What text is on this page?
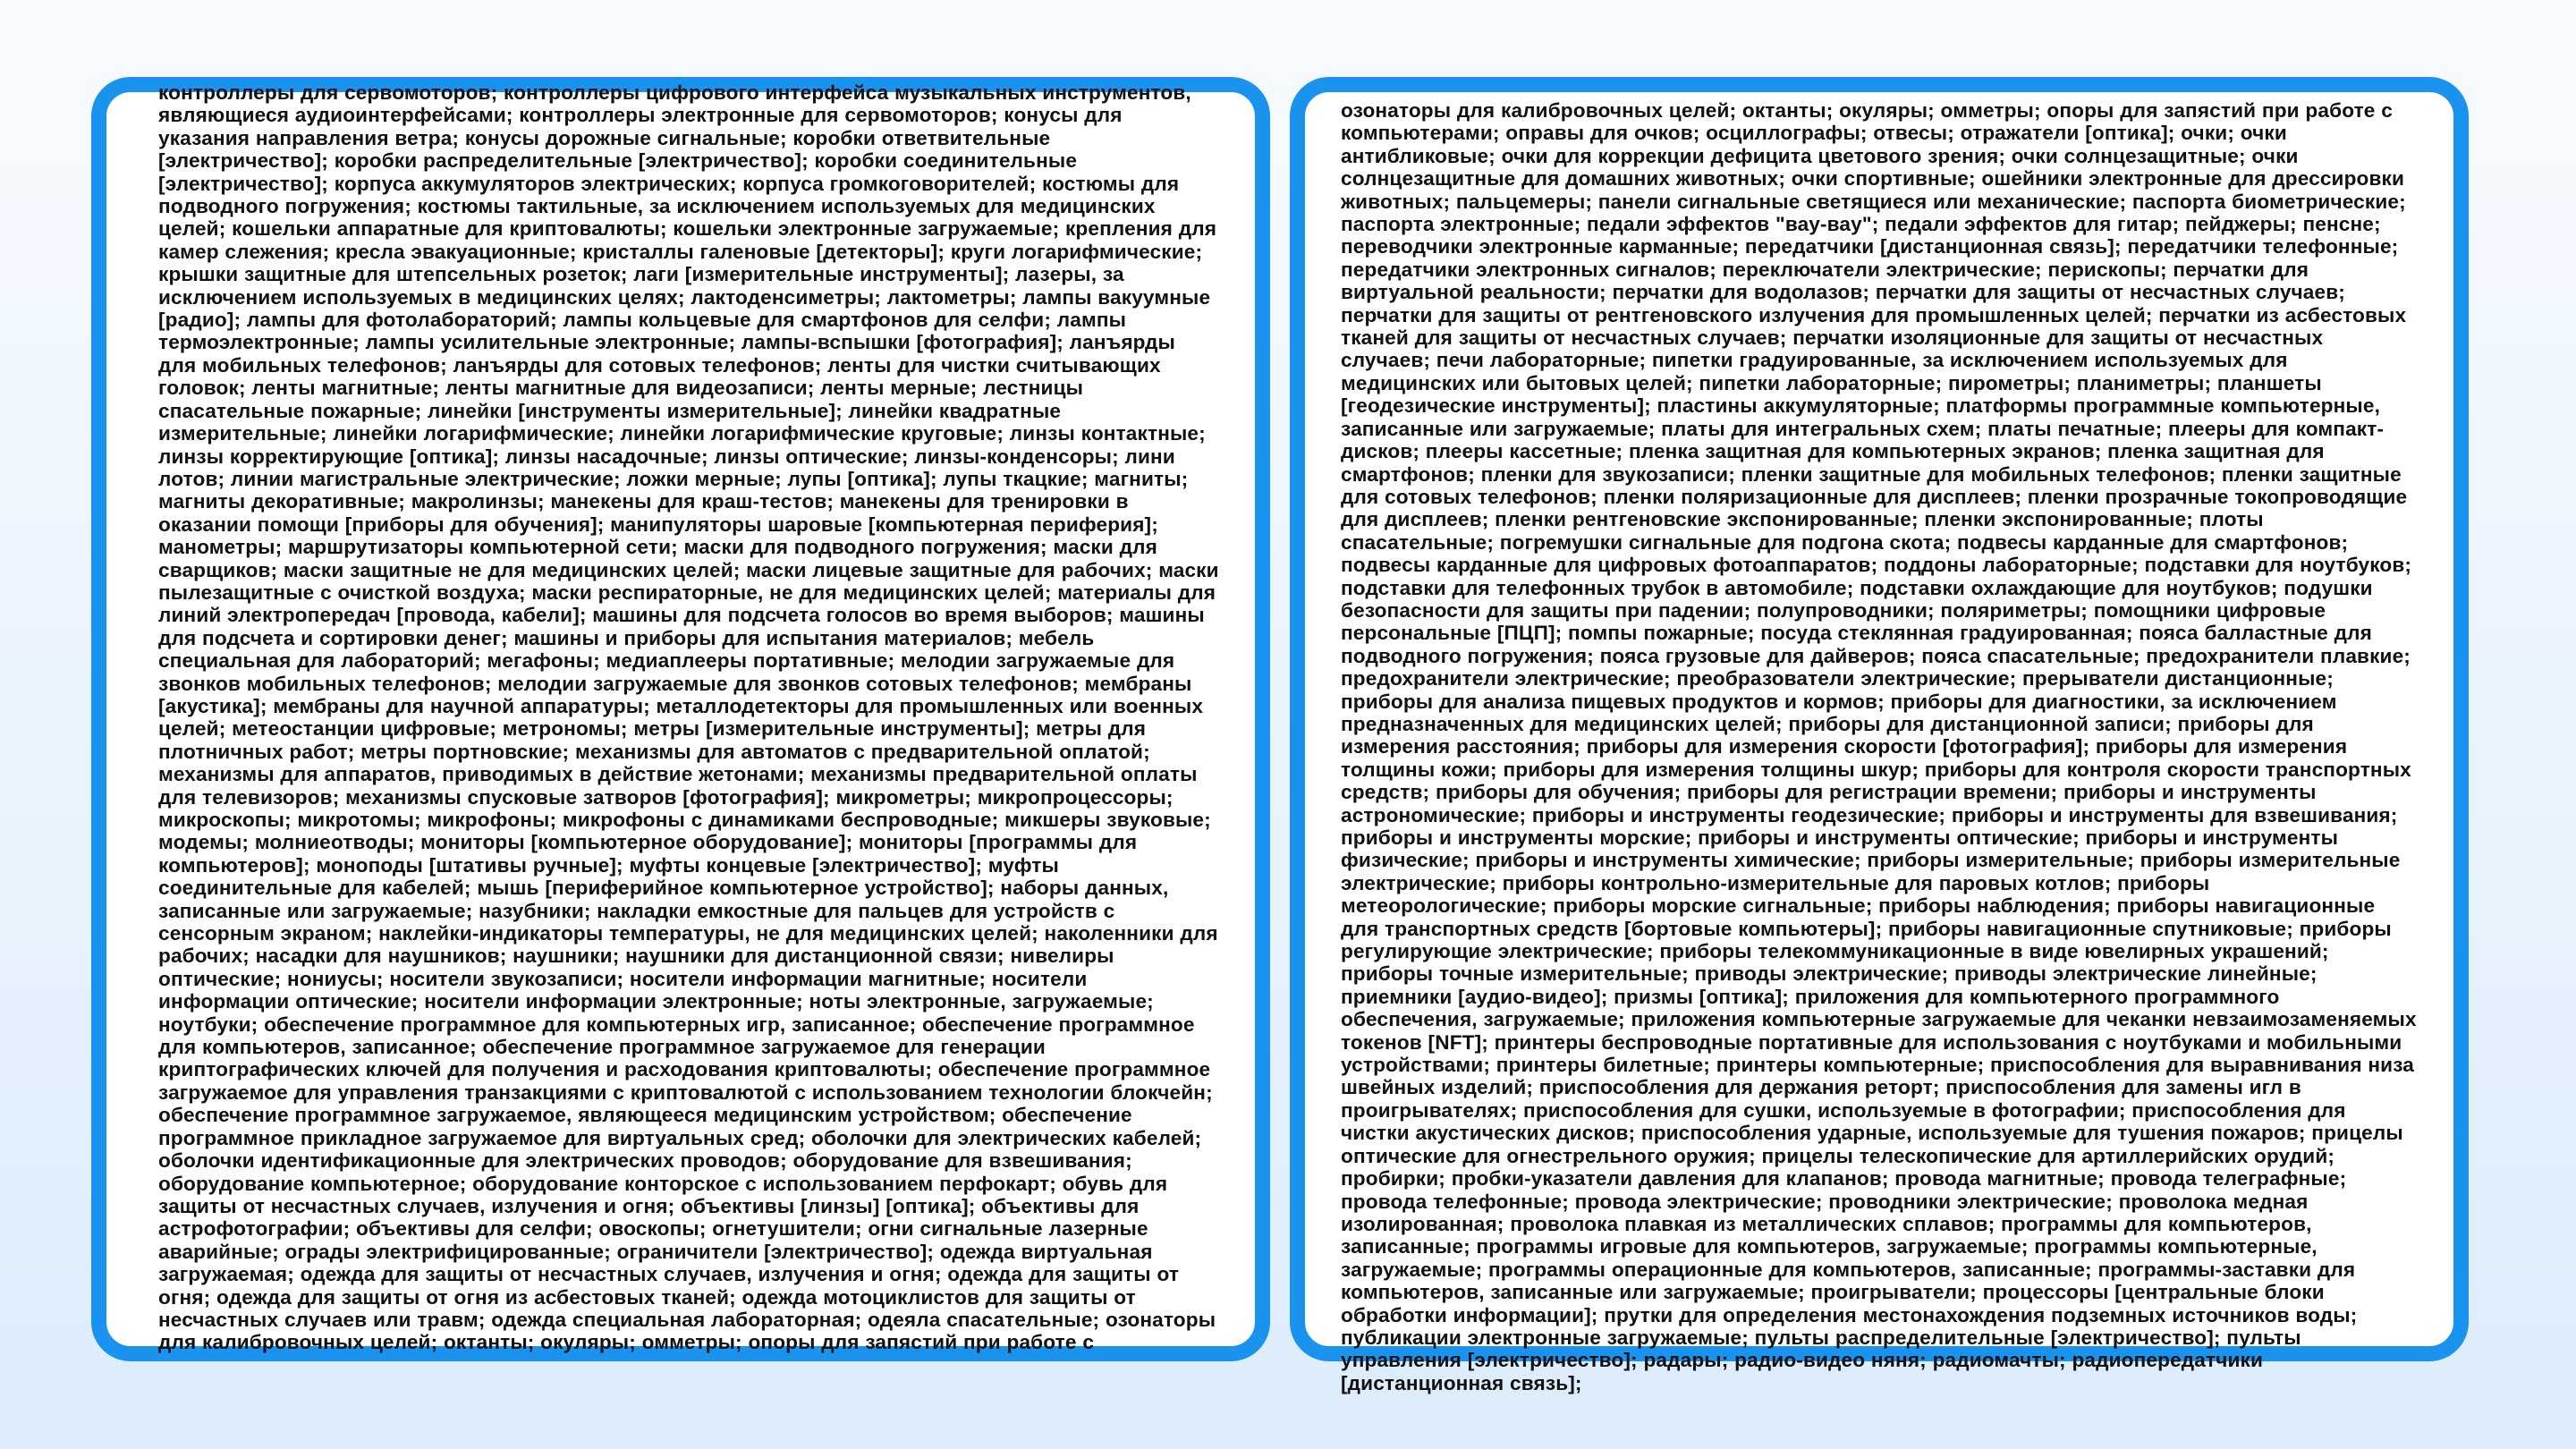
контроллеры для сервомоторов; контроллеры цифрового интерфейса музыкальных инструментов, являющиеся аудиоинтерфейсами; контроллеры электронные для сервомоторов; конусы для указания направления ветра; конусы дорожные сигнальные; коробки ответвительные [электричество]; коробки распределительные [электричество]; коробки соединительные [электричество]; корпуса аккумуляторов электрических; корпуса громкоговорителей; костюмы для подводного погружения; костюмы тактильные, за исключением используемых для медицинских целей; кошельки аппаратные для криптовалюты; кошельки электронные загружаемые; крепления для камер слежения; кресла эвакуационные; кристаллы галеновые [детекторы]; круги логарифмические; крышки защитные для штепсельных розеток; лаги [измерительные инструменты]; лазеры, за исключением используемых в медицинских целях; лактоденсиметры; лактометры; лампы вакуумные [радио]; лампы для фотолабораторий; лампы кольцевые для смартфонов для селфи; лампы термоэлектронные; лампы усилительные электронные; лампы-вспышки [фотография]; ланъярды для мобильных телефонов; ланъярды для сотовых телефонов; ленты для чистки считывающих головок; ленты магнитные; ленты магнитные для видеозаписи; ленты мерные; лестницы спасательные пожарные; линейки [инструменты измерительные]; линейки квадратные измерительные; линейки логарифмические; линейки логарифмические круговые; линзы контактные; линзы корректирующие [оптика]; линзы насадочные; линзы оптические; линзы-конденсоры; лини лотов; линии магистральные электрические; ложки мерные; лупы [оптика]; лупы ткацкие; магниты; магниты декоративные; макролинзы; манекены для краш-тестов; манекены для тренировки в оказании помощи [приборы для обучения]; манипуляторы шаровые [компьютерная периферия]; манометры; маршрутизаторы компьютерной сети; маски для подводного погружения; маски для сварщиков; маски защитные не для медицинских целей; маски лицевые защитные для рабочих; маски пылезащитные с очисткой воздуха; маски респираторные, не для медицинских целей; материалы для линий электропередач [провода, кабели]; машины для подсчета голосов во время выборов; машины для подсчета и сортировки денег; машины и приборы для испытания материалов; мебель специальная для лабораторий; мегафоны; медиаплееры портативные; мелодии загружаемые для звонков мобильных телефонов; мелодии загружаемые для звонков сотовых телефонов; мембраны [акустика]; мембраны для научной аппаратуры; металлодетекторы для промышленных или военных целей; метеостанции цифровые; метрономы; метры [измерительные инструменты]; метры для плотничных работ; метры портновские; механизмы для автоматов с предварительной оплатой; механизмы для аппаратов, приводимых в действие жетонами; механизмы предварительной оплаты для телевизоров; механизмы спусковые затворов [фотография]; микрометры; микропроцессоры; микроскопы; микротомы; микрофоны; микрофоны с динамиками беспроводные; микшеры звуковые; модемы; молниеотводы; мониторы [компьютерное оборудование]; мониторы [программы для компьютеров]; моноподы [штативы ручные]; муфты концевые [электричество]; муфты соединительные для кабелей; мышь [периферийное компьютерное устройство]; наборы данных, записанные или загружаемые; назубники; накладки емкостные для пальцев для устройств с сенсорным экраном; наклейки-индикаторы температуры, не для медицинских целей; наколенники для рабочих; насадки для наушников; наушники; наушники для дистанционной связи; нивелиры оптические; нониусы; носители звукозаписи; носители информации магнитные; носители информации оптические; носители информации электронные; ноты электронные, загружаемые; ноутбуки; обеспечение программное для компьютерных игр, записанное; обеспечение программное для компьютеров, записанное; обеспечение программное загружаемое для генерации криптографических ключей для получения и расходования криптовалюты; обеспечение программное загружаемое для управления транзакциями с криптовалютой с использованием технологии блокчейн; обеспечение программное загружаемое, являющееся медицинским устройством; обеспечение программное прикладное загружаемое для виртуальных сред; оболочки для электрических кабелей; оболочки идентификационные для электрических проводов; оборудование для взвешивания; оборудование компьютерное; оборудование конторское с использованием перфокарт; обувь для защиты от несчастных случаев, излучения и огня; объективы [линзы] [оптика]; объективы для астрофотографии; объективы для селфи; овоскопы; огнетушители; огни сигнальные лазерные аварийные; ограды электрифицированные; ограничители [электричество]; одежда виртуальная загружаемая; одежда для защиты от несчастных случаев, излучения и огня; одежда для защиты от огня; одежда для защиты от огня из асбестовых тканей; одежда мотоциклистов для защиты от несчастных случаев или травм; одежда специальная лабораторная; одеяла спасательные; озонаторы для калибровочных целей; октанты; окуляры; омметры; опоры для запястий при работе с

озонаторы для калибровочных целей; октанты; окуляры; омметры; опоры для запястий при работе с компьютерами; оправы для очков; осциллографы; отвесы; отражатели [оптика]; очки; очки антибликовые; очки для коррекции дефицита цветового зрения; очки солнцезащитные; очки солнцезащитные для домашних животных; очки спортивные; ошейники электронные для дрессировки животных; пальцемеры; панели сигнальные светящиеся или механические; паспорта биометрические; паспорта электронные; педали эффектов "вау-вау"; педали эффектов для гитар; пейджеры; пенсне; переводчики электронные карманные; передатчики [дистанционная связь]; передатчики телефонные; передатчики электронных сигналов; переключатели электрические; перископы; перчатки для виртуальной реальности; перчатки для водолазов; перчатки для защиты от несчастных случаев; перчатки для защиты от рентгеновского излучения для промышленных целей; перчатки из асбестовых тканей для защиты от несчастных случаев; перчатки изоляционные для защиты от несчастных случаев; печи лабораторные; пипетки градуированные, за исключением используемых для медицинских или бытовых целей; пипетки лабораторные; пирометры; планиметры; планшеты [геодезические инструменты]; пластины аккумуляторные; платформы программные компьютерные, записанные или загружаемые; платы для интегральных схем; платы печатные; плееры для компакт-дисков; плееры кассетные; пленка защитная для компьютерных экранов; пленка защитная для смартфонов; пленки для звукозаписи; пленки защитные для мобильных телефонов; пленки защитные для сотовых телефонов; пленки поляризационные для дисплеев; пленки прозрачные токопроводящие для дисплеев; пленки рентгеновские экспонированные; пленки экспонированные; плоты спасательные; погремушки сигнальные для подгона скота; подвесы карданные для смартфонов; подвесы карданные для цифровых фотоаппаратов; поддоны лабораторные; подставки для ноутбуков; подставки для телефонных трубок в автомобиле; подставки охлаждающие для ноутбуков; подушки безопасности для защиты при падении; полупроводники; поляриметры; помощники цифровые персональные [ПЦП]; помпы пожарные; посуда стеклянная градуированная; пояса балластные для подводного погружения; пояса грузовые для дайверов; пояса спасательные; предохранители плавкие; предохранители электрические; преобразователи электрические; прерыватели дистанционные; приборы для анализа пищевых продуктов и кормов; приборы для диагностики, за исключением предназначенных для медицинских целей; приборы для дистанционной записи; приборы для измерения расстояния; приборы для измерения скорости [фотография]; приборы для измерения толщины кожи; приборы для измерения толщины шкур; приборы для контроля скорости транспортных средств; приборы для обучения; приборы для регистрации времени; приборы и инструменты астрономические; приборы и инструменты геодезические; приборы и инструменты для взвешивания; приборы и инструменты морские; приборы и инструменты оптические; приборы и инструменты физические; приборы и инструменты химические; приборы измерительные; приборы измерительные электрические; приборы контрольно-измерительные для паровых котлов; приборы метеорологические; приборы морские сигнальные; приборы наблюдения; приборы навигационные для транспортных средств [бортовые компьютеры]; приборы навигационные спутниковые; приборы регулирующие электрические; приборы телекоммуникационные в виде ювелирных украшений; приборы точные измерительные; приводы электрические; приводы электрические линейные; приемники [аудио-видео]; призмы [оптика]; приложения для компьютерного программного обеспечения, загружаемые; приложения компьютерные загружаемые для чеканки невзаимозаменяемых токенов [NFT]; принтеры беспроводные портативные для использования с ноутбуками и мобильными устройствами; принтеры билетные; принтеры компьютерные; приспособления для выравнивания низа швейных изделий; приспособления для держания реторт; приспособления для замены игл в проигрывателях; приспособления для сушки, используемые в фотографии; приспособления для чистки акустических дисков; приспособления ударные, используемые для тушения пожаров; прицелы оптические для огнестрельного оружия; прицелы телескопические для артиллерийских орудий; пробирки; пробки-указатели давления для клапанов; провода магнитные; провода телеграфные; провода телефонные; провода электрические; проводники электрические; проволока медная изолированная; проволока плавкая из металлических сплавов; программы для компьютеров, записанные; программы игровые для компьютеров, загружаемые; программы компьютерные, загружаемые; программы операционные для компьютеров, записанные; программы-заставки для компьютеров, записанные или загружаемые; проигрыватели; процессоры [центральные блоки обработки информации]; прутки для определения местонахождения подземных источников воды; публикации электронные загружаемые; пульты распределительные [электричество]; пульты управления [электричество]; радары; радио-видео няня; радиомачты; радиопередатчики [дистанционная связь];
